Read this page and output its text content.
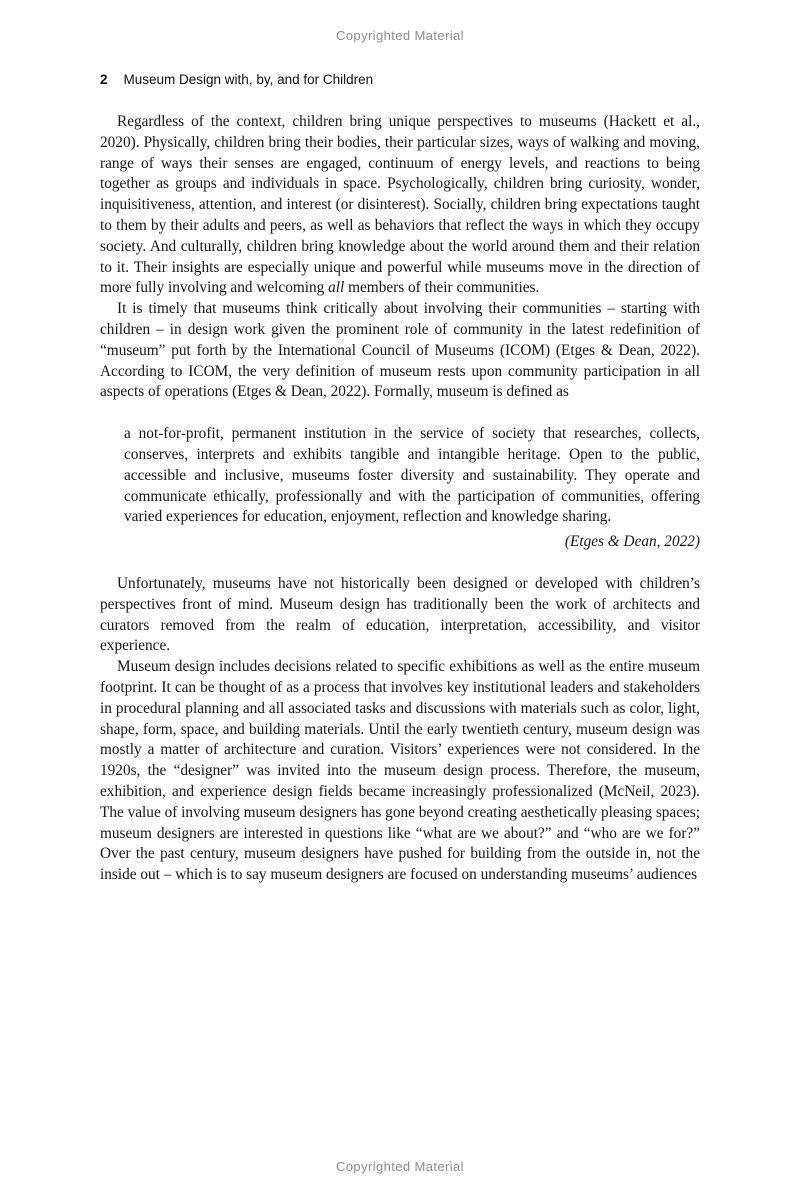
Copyrighted Material
2 Museum Design with, by, and for Children

Regardless of the context, children bring unique perspectives to museums (Hackett et al., 2020). Physically, children bring their bodies, their particular sizes, ways of walking and moving, range of ways their senses are engaged, continuum of energy levels, and reactions to being together as groups and individuals in space. Psychologically, children bring curiosity, wonder, inquisitiveness, attention, and interest (or disinterest). Socially, children bring expectations taught to them by their adults and peers, as well as behaviors that reflect the ways in which they occupy society. And culturally, children bring knowledge about the world around them and their relation to it. Their insights are especially unique and powerful while museums move in the direction of more fully involving and welcoming all members of their communities.

It is timely that museums think critically about involving their communities – starting with children – in design work given the prominent role of community in the latest redefinition of “museum” put forth by the International Council of Museums (ICOM) (Etges & Dean, 2022). According to ICOM, the very definition of museum rests upon community participation in all aspects of operations (Etges & Dean, 2022). Formally, museum is defined as

a not-for-profit, permanent institution in the service of society that researches, collects, conserves, interprets and exhibits tangible and intangible heritage. Open to the public, accessible and inclusive, museums foster diversity and sustainability. They operate and communicate ethically, professionally and with the participation of communities, offering varied experiences for education, enjoyment, reflection and knowledge sharing.
(Etges & Dean, 2022)

Unfortunately, museums have not historically been designed or developed with children’s perspectives front of mind. Museum design has traditionally been the work of architects and curators removed from the realm of education, interpretation, accessibility, and visitor experience.

Museum design includes decisions related to specific exhibitions as well as the entire museum footprint. It can be thought of as a process that involves key institutional leaders and stakeholders in procedural planning and all associated tasks and discussions with materials such as color, light, shape, form, space, and building materials. Until the early twentieth century, museum design was mostly a matter of architecture and curation. Visitors’ experiences were not considered. In the 1920s, the “designer” was invited into the museum design process. Therefore, the museum, exhibition, and experience design fields became increasingly professionalized (McNeil, 2023). The value of involving museum designers has gone beyond creating aesthetically pleasing spaces; museum designers are interested in questions like “what are we about?” and “who are we for?” Over the past century, museum designers have pushed for building from the outside in, not the inside out – which is to say museum designers are focused on understanding museums’ audiences

Copyrighted Material
